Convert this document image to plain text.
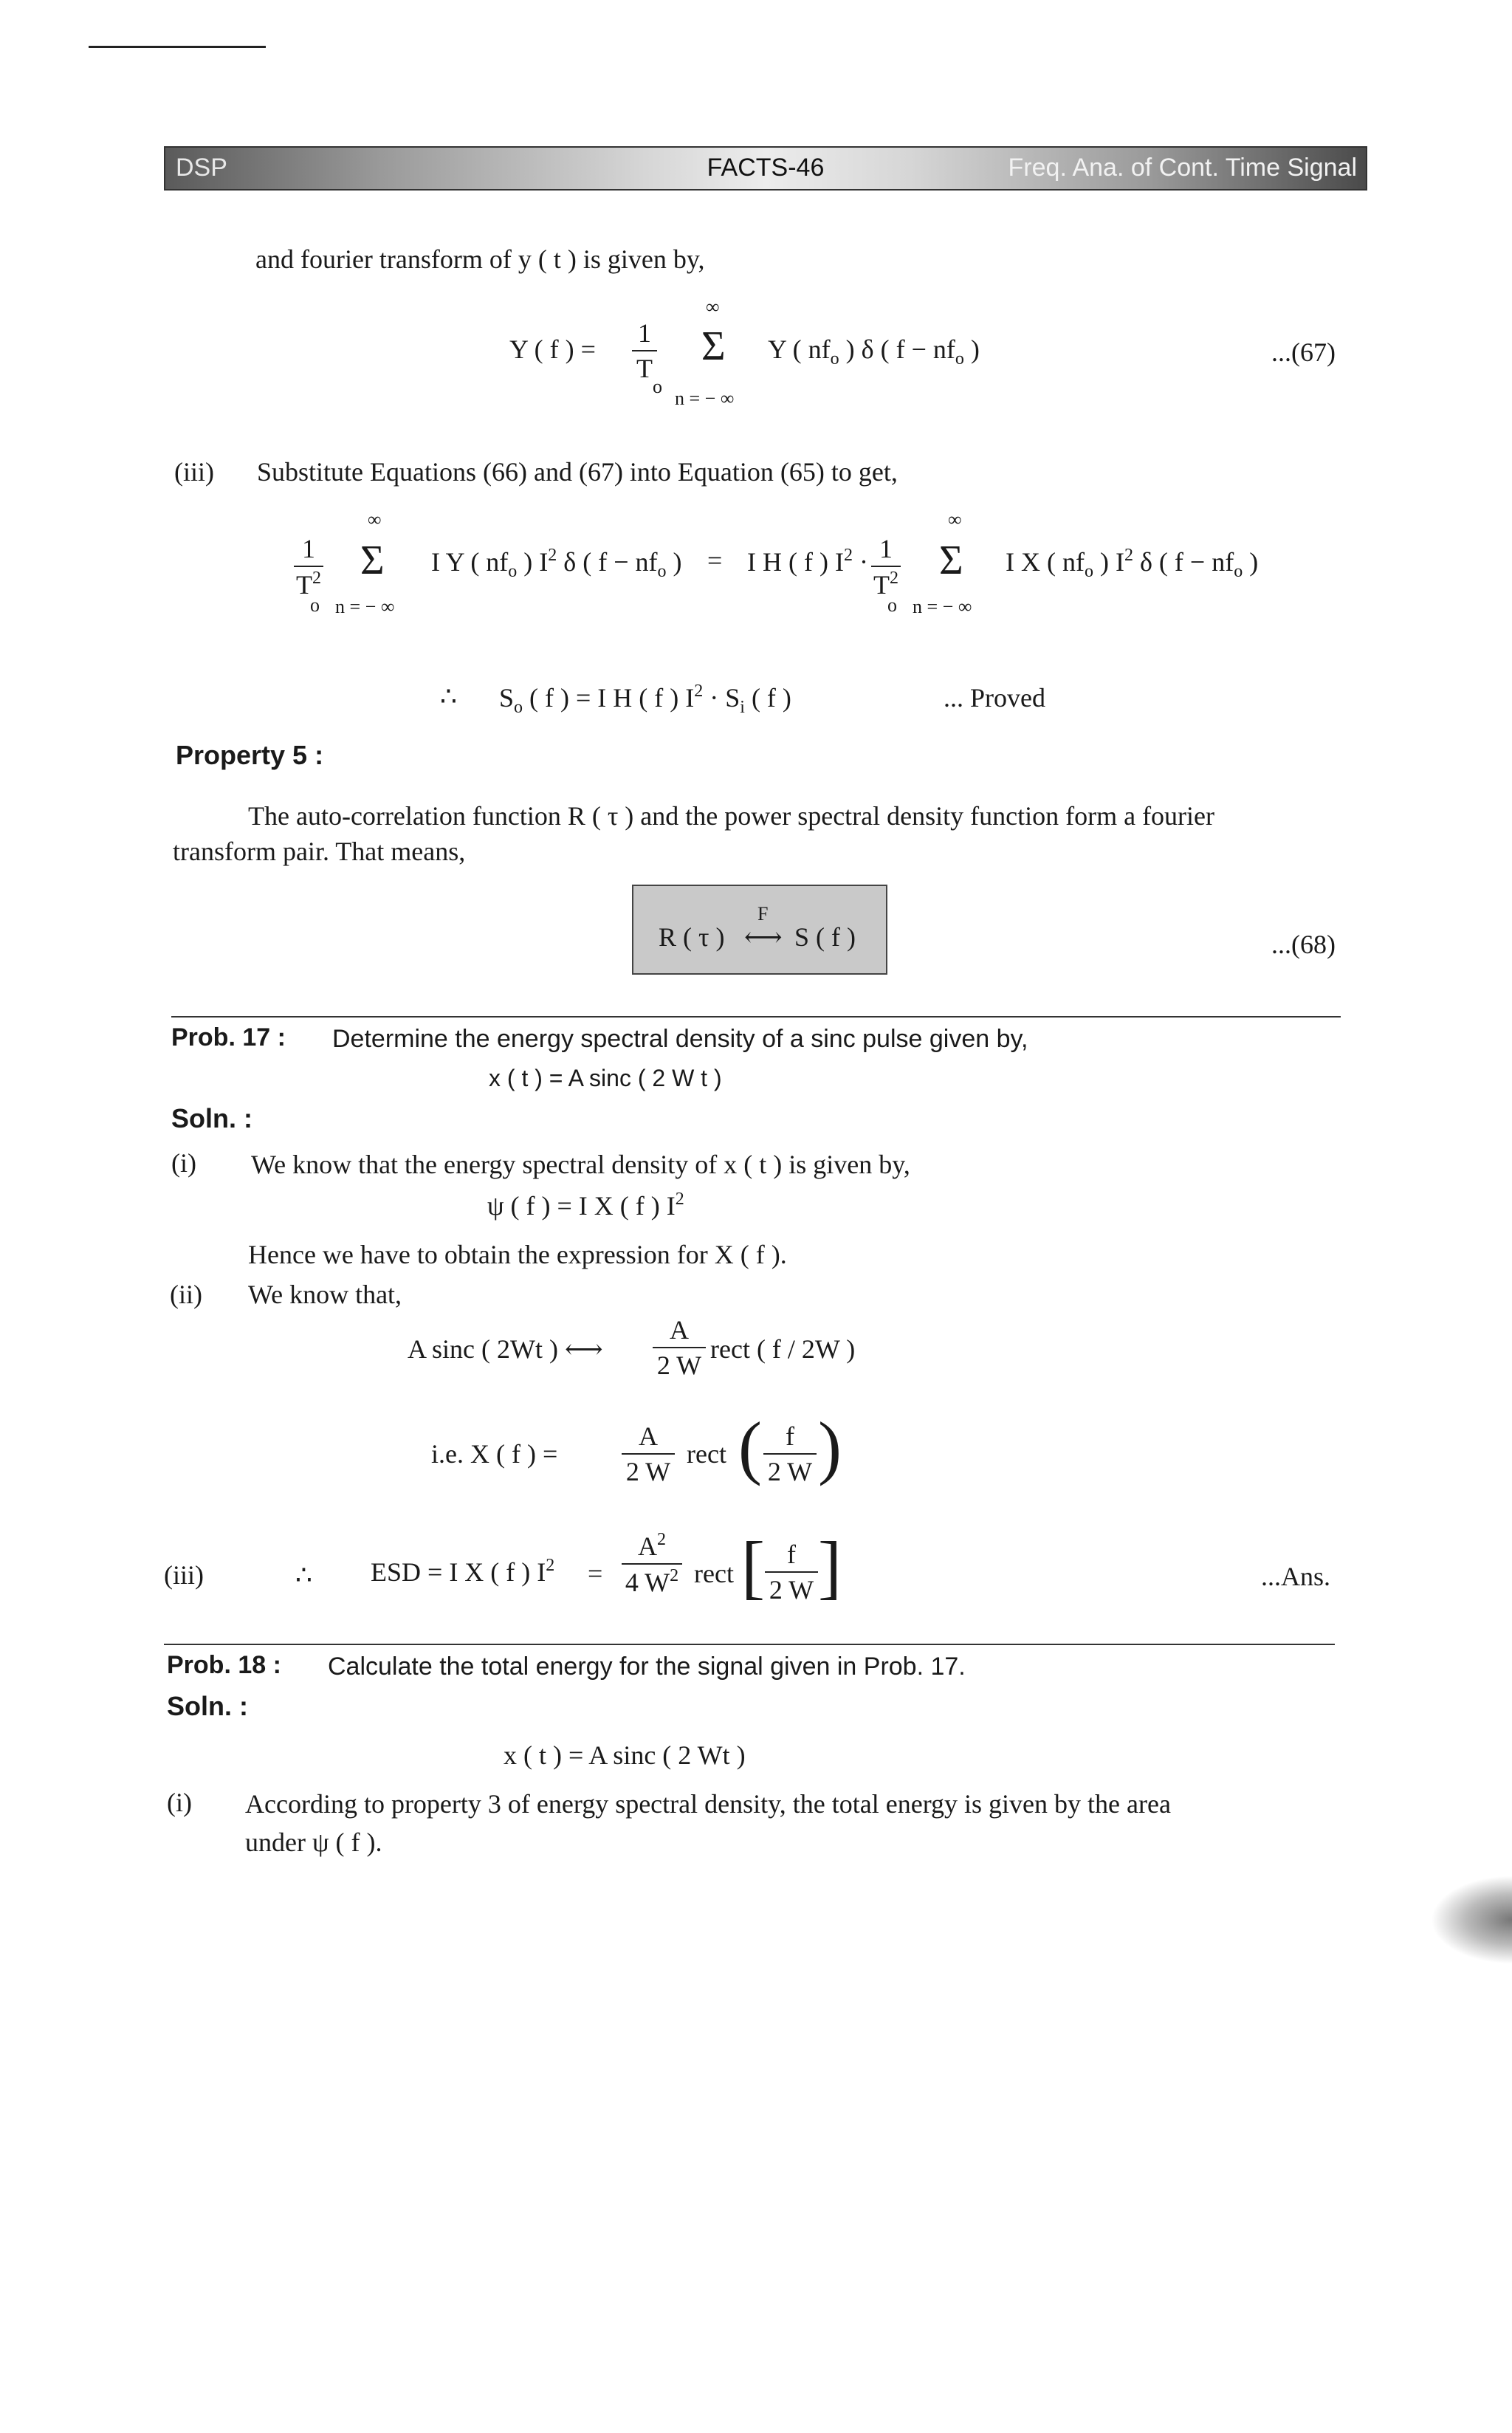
DSP	FACTS-46	Freq. Ana. of Cont. Time Signal
and fourier transform of y ( t ) is given by,
Y ( f ) =
1
T
o
∞
Σ
n = − ∞
Y ( $nf_o$ ) δ ( $f - nf_o$ )	...(67)
(iii) Substitute Equations (66) and (67) into Equation (65) to get,
∞
1
$T^2$
o
Σ
n = − ∞
I Y ( $nf_o$ ) $I^2$ δ ( $f - nf_o$ ) = I H ( f ) $I^2 \cdot 1$
$T^2$
o
∞
Σ
n = − ∞
I X ( $nf_o$ ) $I^2$ δ ( $f - nf_o$ )
∴ $S_o$ ( f ) = I H ( f ) $I^2 \cdot S_i$ ( f )	... Proved
Property 5 :
The auto-correlation function R ( τ ) and the power spectral density function form a fourier
transform pair. That means,
R ( τ )
F
⟷ S ( f )	...(68)
Prob. 17 : Determine the energy spectral density of a sinc pulse given by,
x ( t ) = A sinc ( 2 W t )
Soln. :
(i) We know that the energy spectral density of x ( t ) is given by,
ψ ( f ) = I X ( f ) $I^2$
Hence we have to obtain the expression for X ( f ).
(ii) We know that,
A sinc ( 2Wt ) ⟷
A
2 W
rect ( f / 2W )
i.e. X ( f ) =
A
2 W
rect ( f
2 W )
(iii)	∴ ESD = I X ( f ) $I^2$ =
$A^2$
4 $W^2$ rect [ f
2 W ]	...Ans.
Prob. 18 : Calculate the total energy for the signal given in Prob. 17.
Soln. :
x ( t ) = A sinc ( 2 Wt )
(i) According to property 3 of energy spectral density, the total energy is given by the area
under ψ ( f ).
